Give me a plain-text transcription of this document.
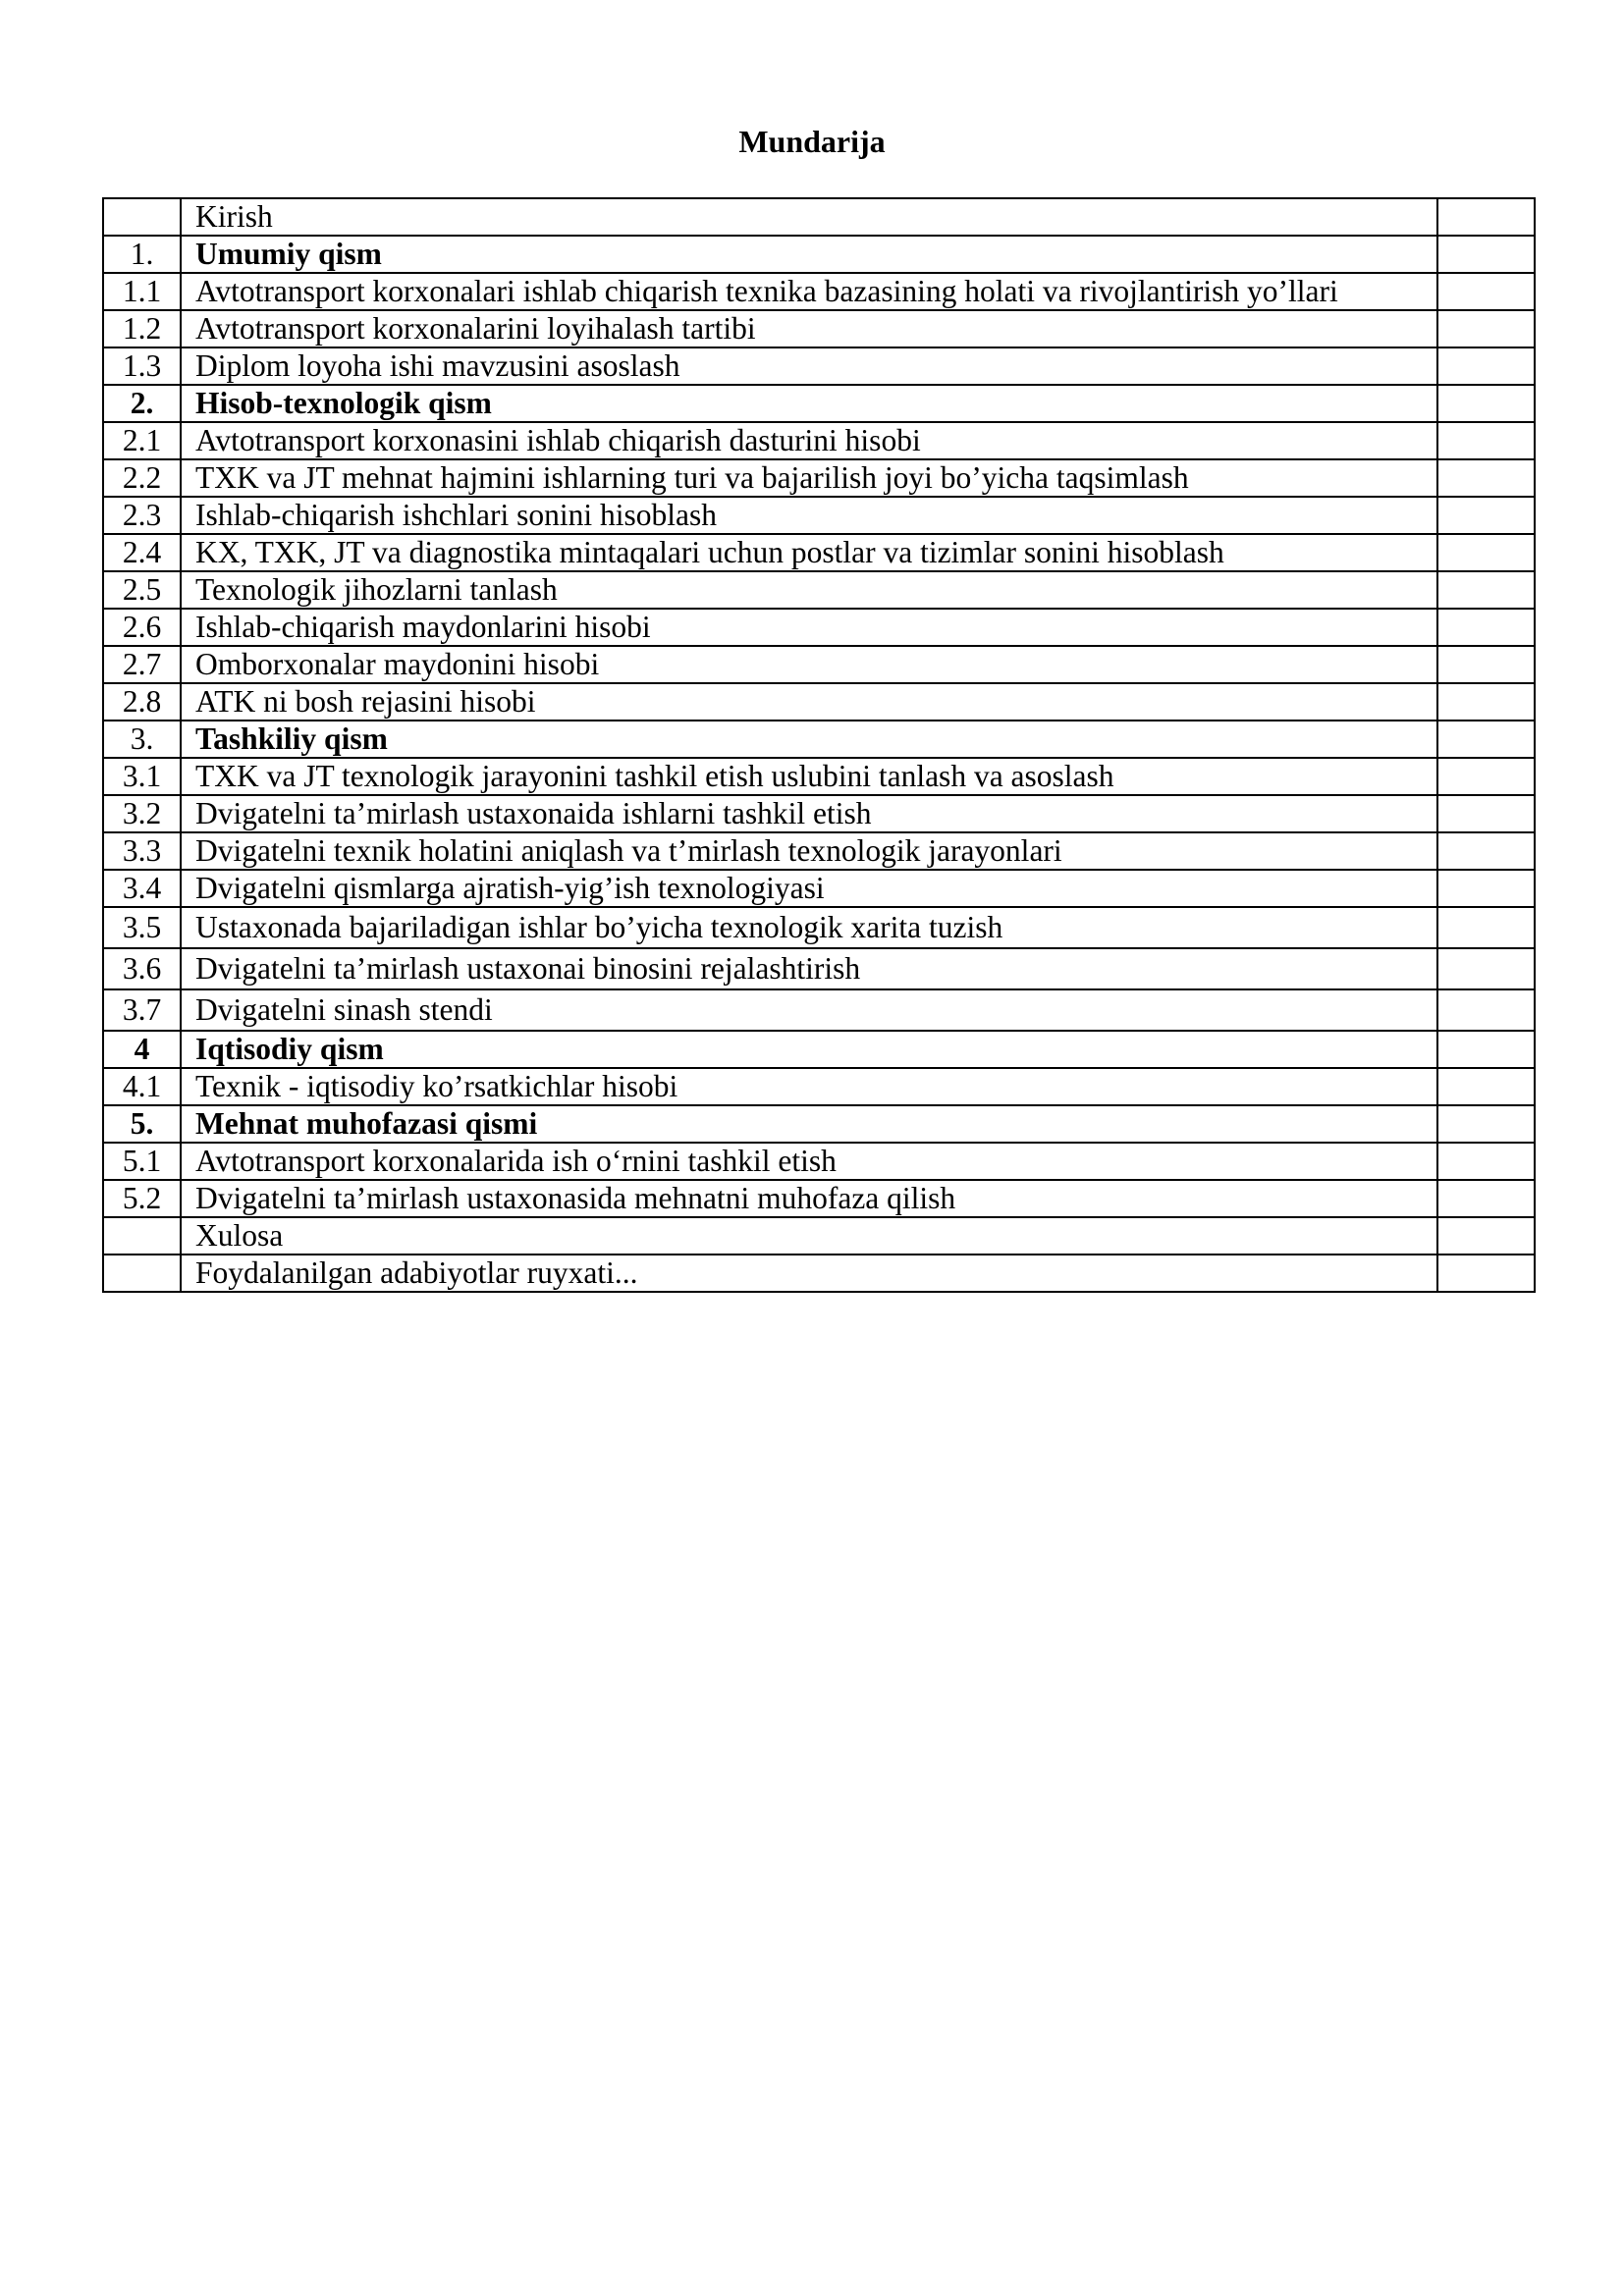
Mundarija
	Kirish	
1.	Umumiy qism	
1.1	Avtotransport korxonalari ishlab chiqarish texnika bazasining holati va rivojlantirish yo’llari	
1.2	Avtotransport korxonalarini loyihalash tartibi	
1.3	Diplom loyoha ishi mavzusini asoslash	
2.	Hisob-texnologik qism	
2.1	Avtotransport korxonasini ishlab chiqarish dasturini hisobi	
2.2	TXK va JT mehnat hajmini ishlarning turi va bajarilish joyi bo’yicha taqsimlash	
2.3	Ishlab-chiqarish ishchlari sonini hisoblash	
2.4	KX, TXK, JT va diagnostika mintaqalari uchun postlar va tizimlar sonini hisoblash	
2.5	Texnologik jihozlarni tanlash	
2.6	Ishlab-chiqarish maydonlarini hisobi	
2.7	Omborxonalar maydonini hisobi	
2.8	ATK ni bosh rejasini hisobi	
3.	Tashkiliy qism	
3.1	TXK va JT texnologik jarayonini tashkil etish uslubini tanlash va asoslash	
3.2	Dvigatelni ta’mirlash ustaxonaida ishlarni tashkil etish	
3.3	Dvigatelni texnik holatini aniqlash va t’mirlash texnologik jarayonlari	
3.4	Dvigatelni qismlarga ajratish-yig’ish texnologiyasi	
3.5	Ustaxonada bajariladigan ishlar bo’yicha texnologik xarita tuzish	
3.6	Dvigatelni ta’mirlash ustaxonai binosini rejalashtirish	
3.7	Dvigatelni sinash stendi	
4	Iqtisodiy qism	
4.1	Texnik - iqtisodiy ko’rsatkichlar hisobi	
5.	Mehnat muhofazasi qismi	
5.1	Avtotransport korxonalarida ish o‘rnini tashkil etish	
5.2	Dvigatelni ta’mirlash ustaxonasida mehnatni muhofaza qilish	
	Xulosa	
	Foydalanilgan adabiyotlar ruyxati...	
